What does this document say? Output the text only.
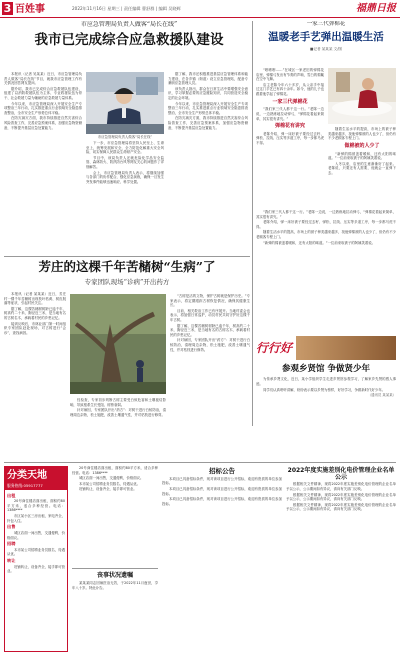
3 百姓事	2022年11月16日 星期三 | 责任编辑 曹舒群 | 编辑 吴晓辉	福鼎日报
市应急管理局负责人做客“局长在线”
我市已完成综合应急救援队建设

本报讯（记者 吴某某）近日，市应急管理局负责人做客“局长在线”节目，就我市应急管理工作有关情况回答网友提问。

据介绍，我市已完成综合应急救援队伍建设，组建了以消防救援队伍为主体、专业救援队伍为骨干、社会救援力量为辅助的应急救援力量体系。

今年以来，市应急管理局深入开展安全生产专项整治三年行动，扎实推进重点行业领域安全隐患排查整治，全市安全生产形势总体平稳。

在防灾减灾方面，我市持续推进自然灾害综合风险普查工作，完善应急预案体系，加强应急物资储备，不断提升基层应急处置能力。

市应急管理局负责人做客“局长在线”

下一步，市应急管理局将坚持人民至上、生命至上，统筹发展和安全，全力防范化解重大安全风险，切实保障人民群众生命财产安全。

节目中，该局负责人还就危险化学品安全监管、森林防火、防汛防台风等网友关心的问题作了详细解答。

会上，市应急管理局负责人表示，将继续加强与各部门的协作配合，强化应急演练，确保一旦发生突发事件能够迅速响应、科学处置。

据了解，我市还积极推进基层应急管理体系和能力建设，在各乡镇（街道）设立应急管理站，配备专兼职应急管理人员。

该负责人指出，群众在日常生活中要增强安全意识，学习掌握必要的应急避险知识，共同营造安全稳定的社会环境。

今年以来，市应急管理局深入开展安全生产专项整治三年行动，扎实推进重点行业领域安全隐患排查整治，全市安全生产形势总体平稳。

在防灾减灾方面，我市持续推进自然灾害综合风险普查工作，完善应急预案体系，加强应急物资储备，不断提升基层应急处置能力。

一家三代弹棉花
温暖老手艺弹出温暖生活
■记者 某某某 文/图

“嘭嘭嘭……”在城区一家老旧的弹棉花店里，弹棉弓发出有节奏的声响，雪白的棉絮在空中飞舞。

店主老陈今年六十多岁，从父亲手中接过这门手艺已有四十余年。如今，他的儿子也跟着他学起了弹棉花。

一家三代弹棉花

“我们家三代人都干这一行。”老陈一边说，一边熟练地拉动弹弓，“弹棉花看起来简单，其实很有讲究。”

弹棉花有讲究

老陈介绍，弹一床好被子要经过去籽、弹松、拉线、压实等多道工序，每一步都马虎不得。

随着生活水平的提高，市场上的被子种类越来越多，找他弹棉被的人也少了，但仍有不少老顾客专程上门。

做棉被的人少了

“新弹的棉被盖着暖和，还有太阳的味道。”一位前来取被子的阿姨笑着说。

入冬以来，店里的生意渐渐好了起来。老陈说，只要还有人需要，他就会一直弹下去。

“我们家三代人都干这一行。”老陈一边说，一边熟练地拉动弹弓，“弹棉花看起来简单，其实很有讲究。”

老陈介绍，弹一床好被子要经过去籽、弹松、拉线、压实等多道工序，每一步都马虎不得。

随着生活水平的提高，市场上的被子种类越来越多，找他弹棉被的人也少了，但仍有不少老顾客专程上门。

“新弹的棉被盖着暖和，还有太阳的味道。”一位前来取被子的阿姨笑着说。

行行好
参观乡贤馆 争做贤少年

为传承乡贤文化，近日，某小学组织学生走进乡贤馆参观学习，了解家乡先贤的感人事迹。

同学们认真聆听讲解，纷纷表示要以乡贤为榜样，好好学习，争做新时代好少年。

（通讯员 某某某）
芳庄的这棵千年苦槠树“生病”了
专家团队现场“诊病”开出药方

本报讯（记者 某某某）近日，芳庄村一棵千年苦槠树出现枝叶枯黄、树皮脱落等症状，引起村民关注。

据了解，这棵苦槠树树龄已逾千年，树高约二十米，胸径近三米，是当地有名的古树名木，承载着村民的乡愁记忆。

接到反映后，市林业部门第一时间组织专家团队赶赴现场，对古树进行“会诊”，查找病因。

经检查，专家初步判断古树主要受白蚁危害和土壤板结影响，导致根系生长受阻、树势衰弱。

针对病因，专家团队开出“药方”：对树干进行白蚁防治，清理周边杂物，松土施肥，改善土壤通气性，并对枯枝进行修剪。

“古树是活的文物，保护古树就是保护历史。”专家表示，将定期跟踪古树恢复情况，确保其健康生长。

目前，相关救治工作已有序展开。当地村委会也表示，将加强日常巡护，动员村民共同守护好这棵千年古树。

据了解，这棵苦槠树树龄已逾千年，树高约二十米，胸径近三米，是当地有名的古树名木，承载着村民的乡愁记忆。

针对病因，专家团队开出“药方”：对树干进行白蚁防治，清理周边杂物，松土施肥，改善土壤通气性，并对枯枝进行修剪。

分类天地
服务热线:05917777
出租

20号商住楼店面出租，面积约80平方米，适合多种经营。电话：1386****

市区某小区三房出租，家电齐全，拎包入住。

出售

城区店面一间出售，交通便利，价格面议。

招聘

本市某公司招聘业务员数名，待遇从优。

转让

旺铺转让，设备齐全，接手即可营业。

20号商住楼店面出租，面积约80平方米，适合多种经营。电话：1386****

城区店面一间出售，交通便利，价格面议。

本市某公司招聘业务员数名，待遇从优。

旺铺转让，设备齐全，接手即可营业。

丧事状况遗嘱

某某某同志因病医治无效，于2022年11月逝世，享年八十岁。特此讣告。

招标公告

本项目已具备招标条件，现对该项目进行公开招标，欢迎有资质的单位参加投标。

本项目已具备招标条件，现对该项目进行公开招标，欢迎有资质的单位参加投标。

本项目已具备招标条件，现对该项目进行公开招标，欢迎有资质的单位参加投标。

2022年度实施差别化电价管理企业名单公示

根据相关文件精神，现将2022年度实施差别化电价管理的企业名单予以公示，公示期间如有异议，请向有关部门反映。

根据相关文件精神，现将2022年度实施差别化电价管理的企业名单予以公示，公示期间如有异议，请向有关部门反映。

根据相关文件精神，现将2022年度实施差别化电价管理的企业名单予以公示，公示期间如有异议，请向有关部门反映。
